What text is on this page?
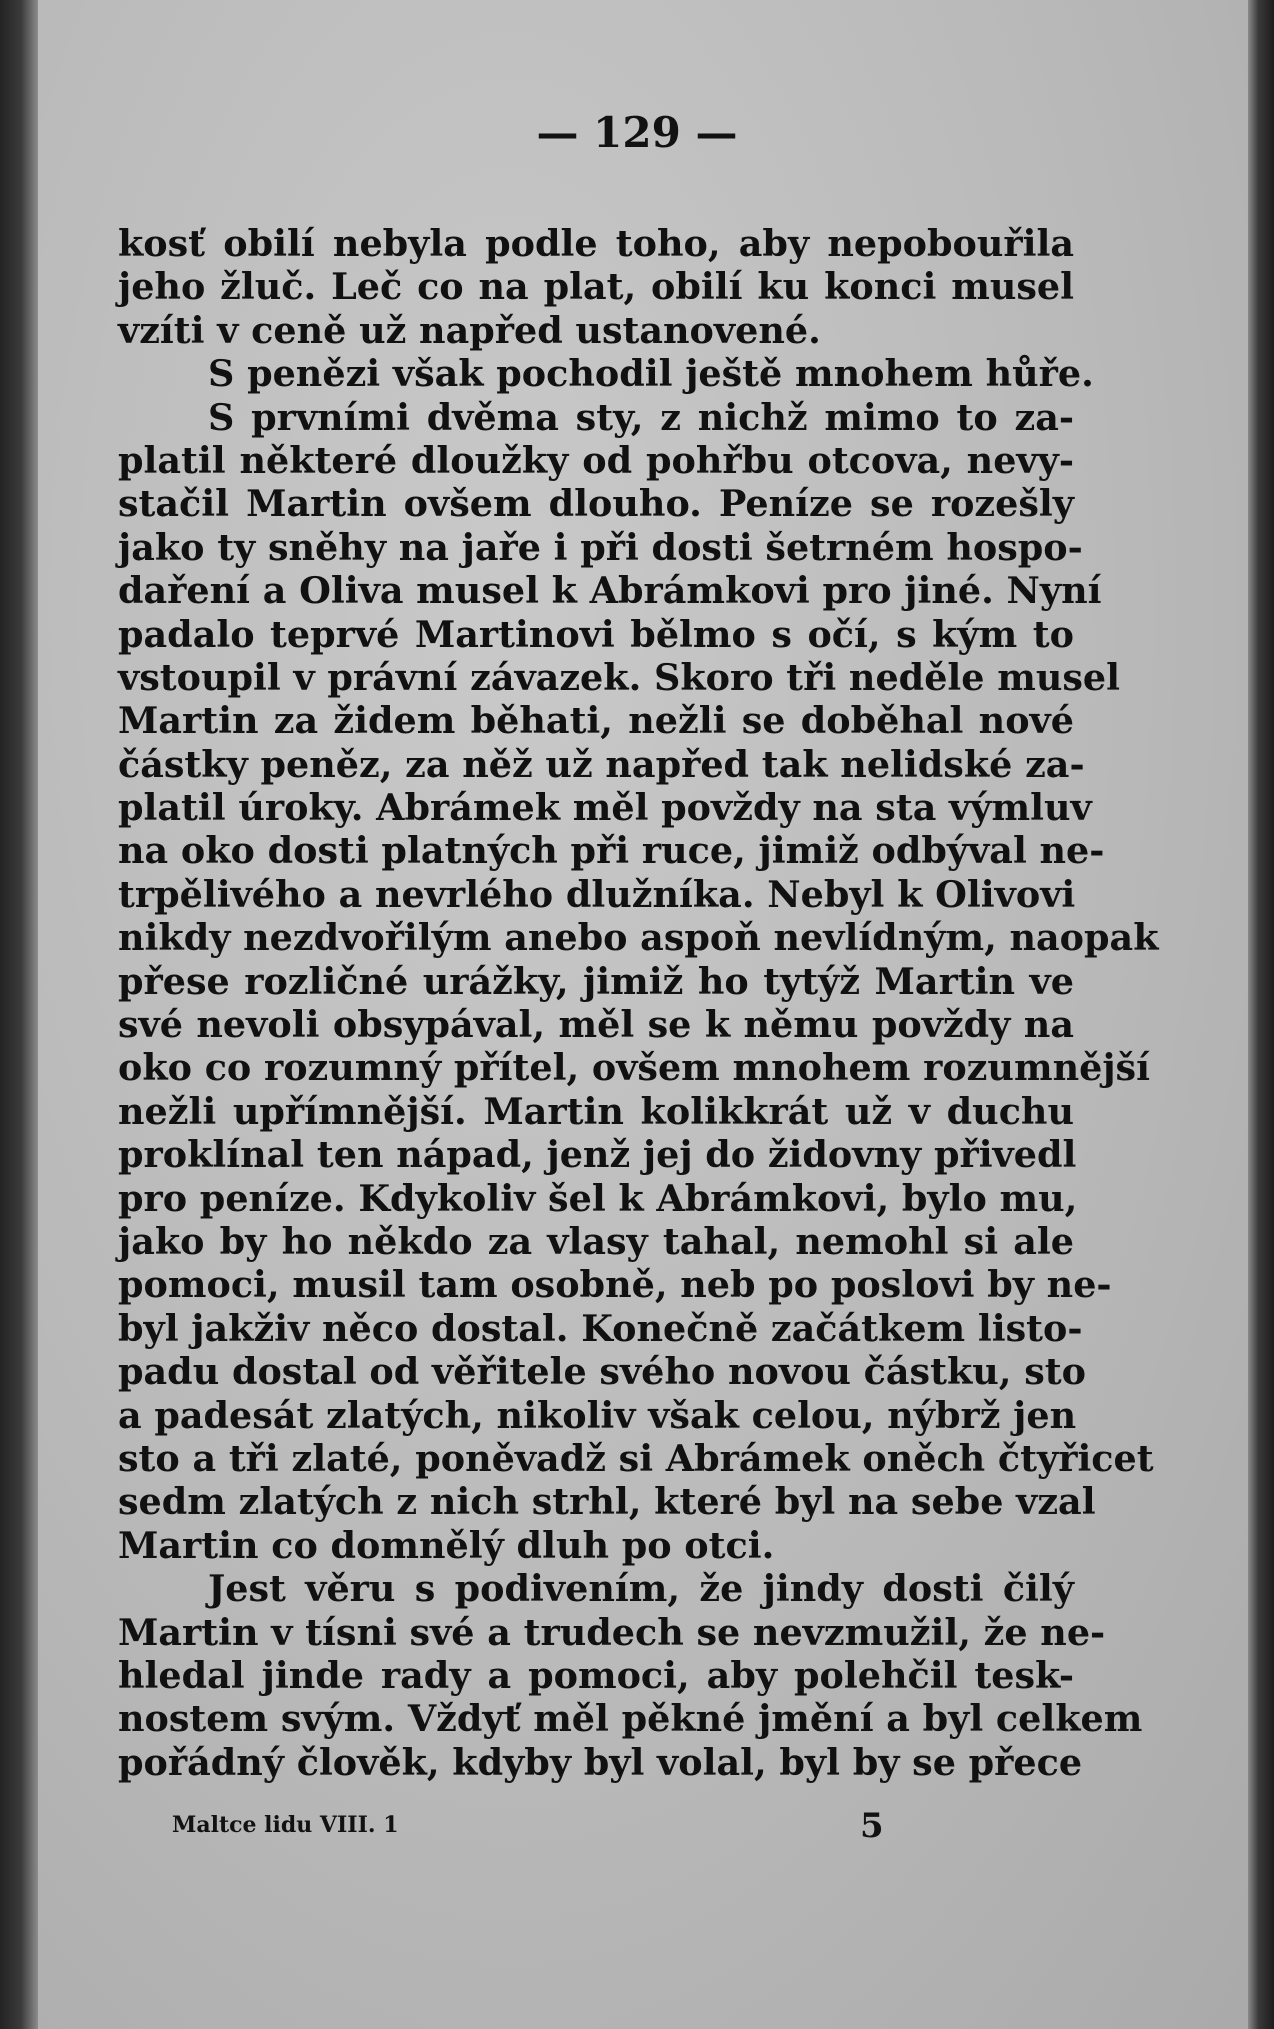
— 129 —
kosť obilí nebyla podle toho, aby nepobouřila
jeho žluč. Leč co na plat, obilí ku konci musel
vzíti v ceně už napřed ustanovené.
S penězi však pochodil ještě mnohem hůře.
S prvními dvěma sty, z nichž mimo to za-
platil některé dloužky od pohřbu otcova, nevy-
stačil Martin ovšem dlouho. Peníze se rozešly
jako ty sněhy na jaře i při dosti šetrném hospo-
daření a Oliva musel k Abrámkovi pro jiné. Nyní
padalo teprvé Martinovi bělmo s očí, s kým to
vstoupil v právní závazek. Skoro tři neděle musel
Martin za židem běhati, nežli se doběhal nové
částky peněz, za něž už napřed tak nelidské za-
platil úroky. Abrámek měl povždy na sta výmluv
na oko dosti platných při ruce, jimiž odbýval ne-
trpělivého a nevrlého dlužníka. Nebyl k Olivovi
nikdy nezdvořilým anebo aspoň nevlídným, naopak
přese rozličné urážky, jimiž ho tytýž Martin ve
své nevoli obsypával, měl se k němu povždy na
oko co rozumný přítel, ovšem mnohem rozumnější
nežli upřímnější. Martin kolikkrát už v duchu
proklínal ten nápad, jenž jej do židovny přivedl
pro peníze. Kdykoliv šel k Abrámkovi, bylo mu,
jako by ho někdo za vlasy tahal, nemohl si ale
pomoci, musil tam osobně, neb po poslovi by ne-
byl jakživ něco dostal. Konečně začátkem listo-
padu dostal od věřitele svého novou částku, sto
a padesát zlatých, nikoliv však celou, nýbrž jen
sto a tři zlaté, poněvadž si Abrámek oněch čtyřicet
sedm zlatých z nich strhl, které byl na sebe vzal
Martin co domnělý dluh po otci.
Jest věru s podivením, že jindy dosti čilý
Martin v tísni své a trudech se nevzmužil, že ne-
hledal jinde rady a pomoci, aby polehčil tesk-
nostem svým. Vždyť měl pěkné jmění a byl celkem
pořádný člověk, kdyby byl volal, byl by se přece
Maltce lidu VIII. 1	5
